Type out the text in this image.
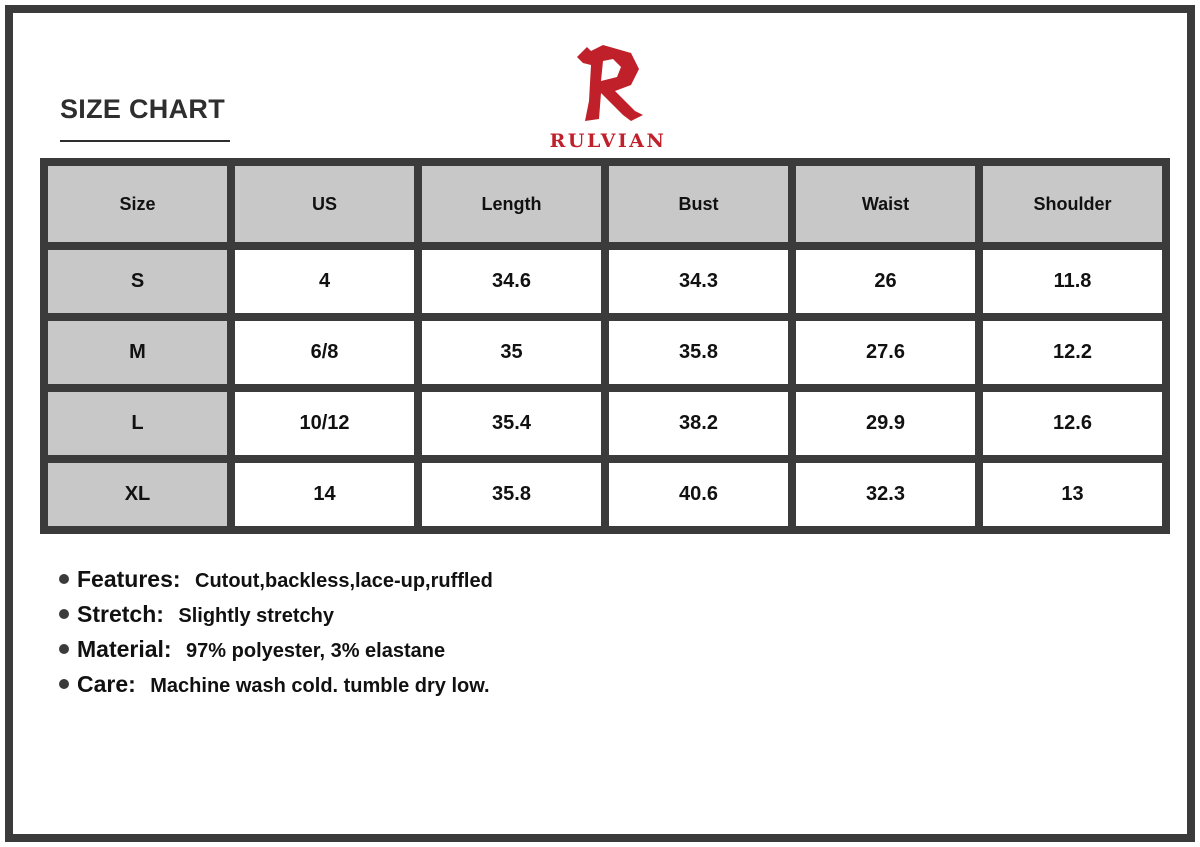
SIZE CHART
RULVIAN
Size	US	Length	Bust	Waist	Shoulder
S	4	34.6	34.3	26	11.8
M	6/8	35	35.8	27.6	12.2
L	10/12	35.4	38.2	29.9	12.6
XL	14	35.8	40.6	32.3	13
Features: Cutout,backless,lace-up,ruffled
Stretch: Slightly stretchy
Material: 97% polyester, 3% elastane
Care: Machine wash cold. tumble dry low.
